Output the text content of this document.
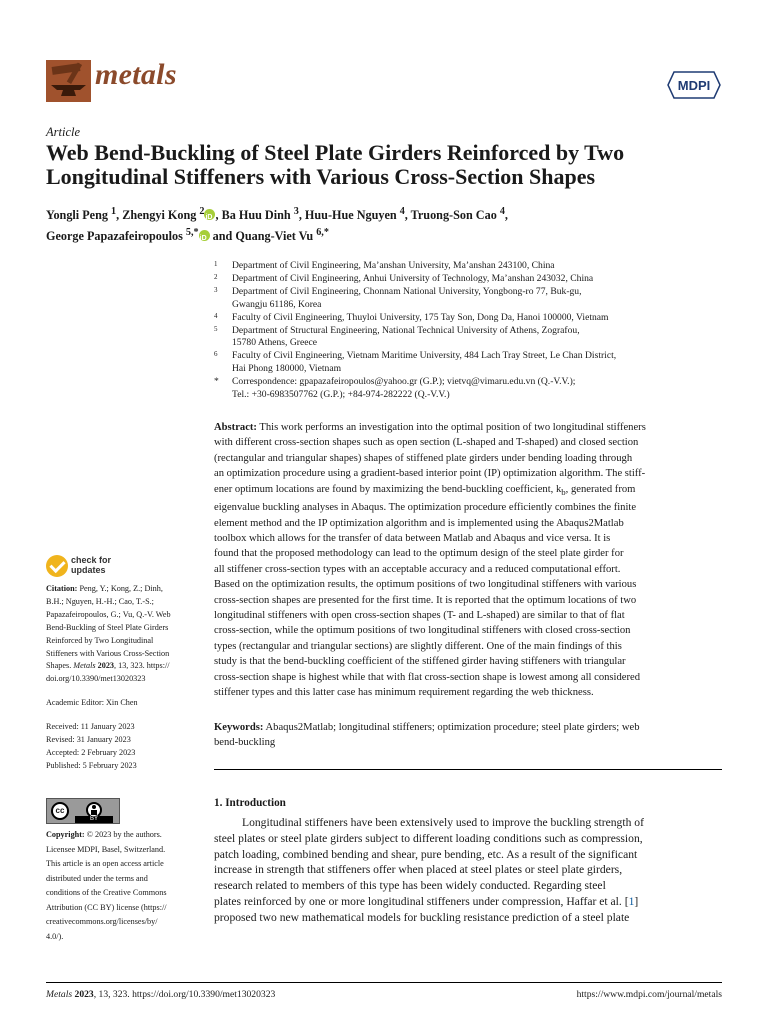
metals	MDPI
Article
Web Bend-Buckling of Steel Plate Girders Reinforced by Two
Longitudinal Stiffeners with Various Cross-Section Shapes
Yongli Peng $^1$, Zhengyi Kong $^2$ iD , Ba Huu Dinh $^3$, Huu-Hue Nguyen $^4$, Truong-Son Cao $^4$,
George Papazafeiropoulos $^{5,*}$ iD and Quang-Viet Vu $^{6,*}$
1	Department of Civil Engineering, Ma’anshan University, Ma’anshan 243100, China
2	Department of Civil Engineering, Anhui University of Technology, Ma’anshan 243032, China
3	Department of Civil Engineering, Chonnam National University, Yongbong-ro 77, Buk-gu,
Gwangju 61186, Korea
4	Faculty of Civil Engineering, Thuyloi University, 175 Tay Son, Dong Da, Hanoi 100000, Vietnam
5	Department of Structural Engineering, National Technical University of Athens, Zografou,
15780 Athens, Greece
6	Faculty of Civil Engineering, Vietnam Maritime University, 484 Lach Tray Street, Le Chan District,
Hai Phong 180000, Vietnam
*	Correspondence: gpapazafeiropoulos@yahoo.gr (G.P.); vietvq@vimaru.edu.vn (Q.-V.V.);
Tel.: +30-6983507762 (G.P.); +84-974-282222 (Q.-V.V.)
check for
updates
Citation: Peng, Y.; Kong, Z.; Dinh,
B.H.; Nguyen, H.-H.; Cao, T.-S.;
Papazafeiropoulos, G.; Vu, Q.-V. Web
Bend-Buckling of Steel Plate Girders
Reinforced by Two Longitudinal
Stiffeners with Various Cross-Section
Shapes. Metals 2023, 13, 323. https://
doi.org/10.3390/met13020323
Academic Editor: Xin Chen
Received: 11 January 2023
Revised: 31 January 2023
Accepted: 2 February 2023
Published: 5 February 2023
cc
BY
Copyright: © 2023 by the authors.
Licensee MDPI, Basel, Switzerland.
This article is an open access article
distributed under the terms and
conditions of the Creative Commons
Attribution (CC BY) license (https://
creativecommons.org/licenses/by/
4.0/).
Abstract: This work performs an investigation into the optimal position of two longitudinal stiffeners
with different cross-section shapes such as open section (L-shaped and T-shaped) and closed section
(rectangular and triangular shapes) shapes of stiffened plate girders under bending loading through
an optimization procedure using a gradient-based interior point (IP) optimization algorithm. The stiff-
ener optimum locations are found by maximizing the bend-buckling coefficient, $k_b$, generated from
eigenvalue buckling analyses in Abaqus. The optimization procedure efficiently combines the finite
element method and the IP optimization algorithm and is implemented using the Abaqus2Matlab
toolbox which allows for the transfer of data between Matlab and Abaqus and vice versa. It is
found that the proposed methodology can lead to the optimum design of the steel plate girder for
all stiffener cross-section types with an acceptable accuracy and a reduced computational effort.
Based on the optimization results, the optimum positions of two longitudinal stiffeners with various
cross-section shapes are presented for the first time. It is reported that the optimum locations of two
longitudinal stiffeners with open cross-section shapes (T- and L-shaped) are similar to that of flat
cross-section, while the optimum positions of two longitudinal stiffeners with closed cross-section
types (rectangular and triangular sections) are slightly different. One of the main findings of this
study is that the bend-buckling coefficient of the stiffened girder having stiffeners with triangular
cross-section shape is highest while that with flat cross-section shape is lowest among all considered
stiffener types and this latter case has minimum requirement regarding the web thickness.
Keywords: Abaqus2Matlab; longitudinal stiffeners; optimization procedure; steel plate girders; web
bend-buckling
1. Introduction
Longitudinal stiffeners have been extensively used to improve the buckling strength of
steel plates or steel plate girders subject to different loading conditions such as compression,
patch loading, combined bending and shear, pure bending, etc. As a result of the significant
increase in strength that stiffeners offer when placed at steel plates or steel plate girders,
research related to members of this type has been widely conducted. Regarding steel
plates reinforced by one or more longitudinal stiffeners under compression, Haffar et al. [1]
proposed two new mathematical models for buckling resistance prediction of a steel plate
Metals 2023, 13, 323. https://doi.org/10.3390/met13020323	https://www.mdpi.com/journal/metals
